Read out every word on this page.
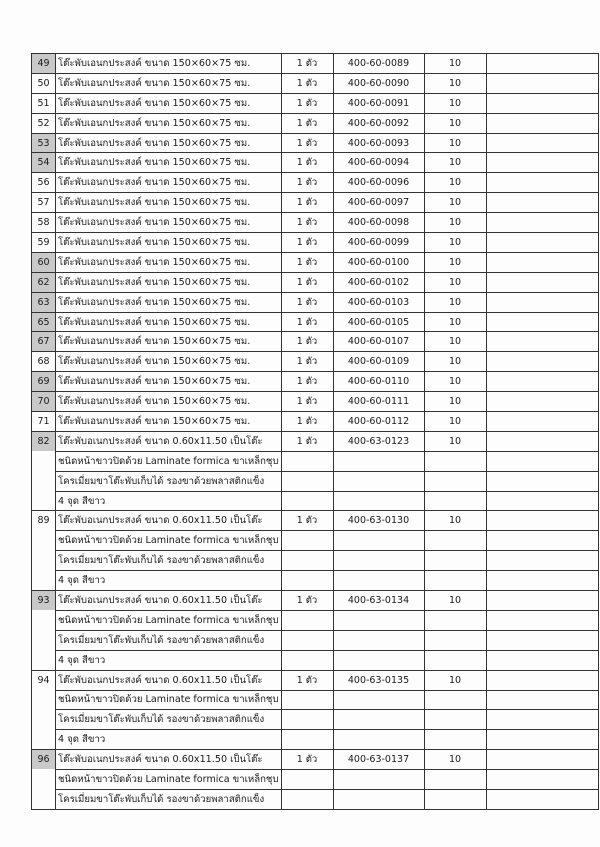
49	โต๊ะพับเอนกประสงค์ ขนาด 150×60×75 ซม.	1 ตัว	400-60-0089	10	
50	โต๊ะพับเอนกประสงค์ ขนาด 150×60×75 ซม.	1 ตัว	400-60-0090	10	
51	โต๊ะพับเอนกประสงค์ ขนาด 150×60×75 ซม.	1 ตัว	400-60-0091	10	
52	โต๊ะพับเอนกประสงค์ ขนาด 150×60×75 ซม.	1 ตัว	400-60-0092	10	
53	โต๊ะพับเอนกประสงค์ ขนาด 150×60×75 ซม.	1 ตัว	400-60-0093	10	
54	โต๊ะพับเอนกประสงค์ ขนาด 150×60×75 ซม.	1 ตัว	400-60-0094	10	
56	โต๊ะพับเอนกประสงค์ ขนาด 150×60×75 ซม.	1 ตัว	400-60-0096	10	
57	โต๊ะพับเอนกประสงค์ ขนาด 150×60×75 ซม.	1 ตัว	400-60-0097	10	
58	โต๊ะพับเอนกประสงค์ ขนาด 150×60×75 ซม.	1 ตัว	400-60-0098	10	
59	โต๊ะพับเอนกประสงค์ ขนาด 150×60×75 ซม.	1 ตัว	400-60-0099	10	
60	โต๊ะพับเอนกประสงค์ ขนาด 150×60×75 ซม.	1 ตัว	400-60-0100	10	
62	โต๊ะพับเอนกประสงค์ ขนาด 150×60×75 ซม.	1 ตัว	400-60-0102	10	
63	โต๊ะพับเอนกประสงค์ ขนาด 150×60×75 ซม.	1 ตัว	400-60-0103	10	
65	โต๊ะพับเอนกประสงค์ ขนาด 150×60×75 ซม.	1 ตัว	400-60-0105	10	
67	โต๊ะพับเอนกประสงค์ ขนาด 150×60×75 ซม.	1 ตัว	400-60-0107	10	
68	โต๊ะพับเอนกประสงค์ ขนาด 150×60×75 ซม.	1 ตัว	400-60-0109	10	
69	โต๊ะพับเอนกประสงค์ ขนาด 150×60×75 ซม.	1 ตัว	400-60-0110	10	
70	โต๊ะพับเอนกประสงค์ ขนาด 150×60×75 ซม.	1 ตัว	400-60-0111	10	
71	โต๊ะพับเอนกประสงค์ ขนาด 150×60×75 ซม.	1 ตัว	400-60-0112	10	
82	โต๊ะพับอเนกประสงค์ ขนาด 0.60x11.50 เป็นโต๊ะ	1 ตัว	400-63-0123	10	
	ชนิดหน้าขาวปิดด้วย Laminate formica ขาเหล็กชุบ				
	โครเมี่ยมขาโต๊ะพับเก็บได้ รองขาด้วยพลาสติกแข็ง				
	4 จุด สีขาว				
89	โต๊ะพับอเนกประสงค์ ขนาด 0.60x11.50 เป็นโต๊ะ	1 ตัว	400-63-0130	10	
	ชนิดหน้าขาวปิดด้วย Laminate formica ขาเหล็กชุบ				
	โครเมี่ยมขาโต๊ะพับเก็บได้ รองขาด้วยพลาสติกแข็ง				
	4 จุด สีขาว				
93	โต๊ะพับอเนกประสงค์ ขนาด 0.60x11.50 เป็นโต๊ะ	1 ตัว	400-63-0134	10	
	ชนิดหน้าขาวปิดด้วย Laminate formica ขาเหล็กชุบ				
	โครเมี่ยมขาโต๊ะพับเก็บได้ รองขาด้วยพลาสติกแข็ง				
	4 จุด สีขาว				
94	โต๊ะพับอเนกประสงค์ ขนาด 0.60x11.50 เป็นโต๊ะ	1 ตัว	400-63-0135	10	
	ชนิดหน้าขาวปิดด้วย Laminate formica ขาเหล็กชุบ				
	โครเมี่ยมขาโต๊ะพับเก็บได้ รองขาด้วยพลาสติกแข็ง				
	4 จุด สีขาว				
96	โต๊ะพับอเนกประสงค์ ขนาด 0.60x11.50 เป็นโต๊ะ	1 ตัว	400-63-0137	10	
	ชนิดหน้าขาวปิดด้วย Laminate formica ขาเหล็กชุบ				
	โครเมี่ยมขาโต๊ะพับเก็บได้ รองขาด้วยพลาสติกแข็ง				
